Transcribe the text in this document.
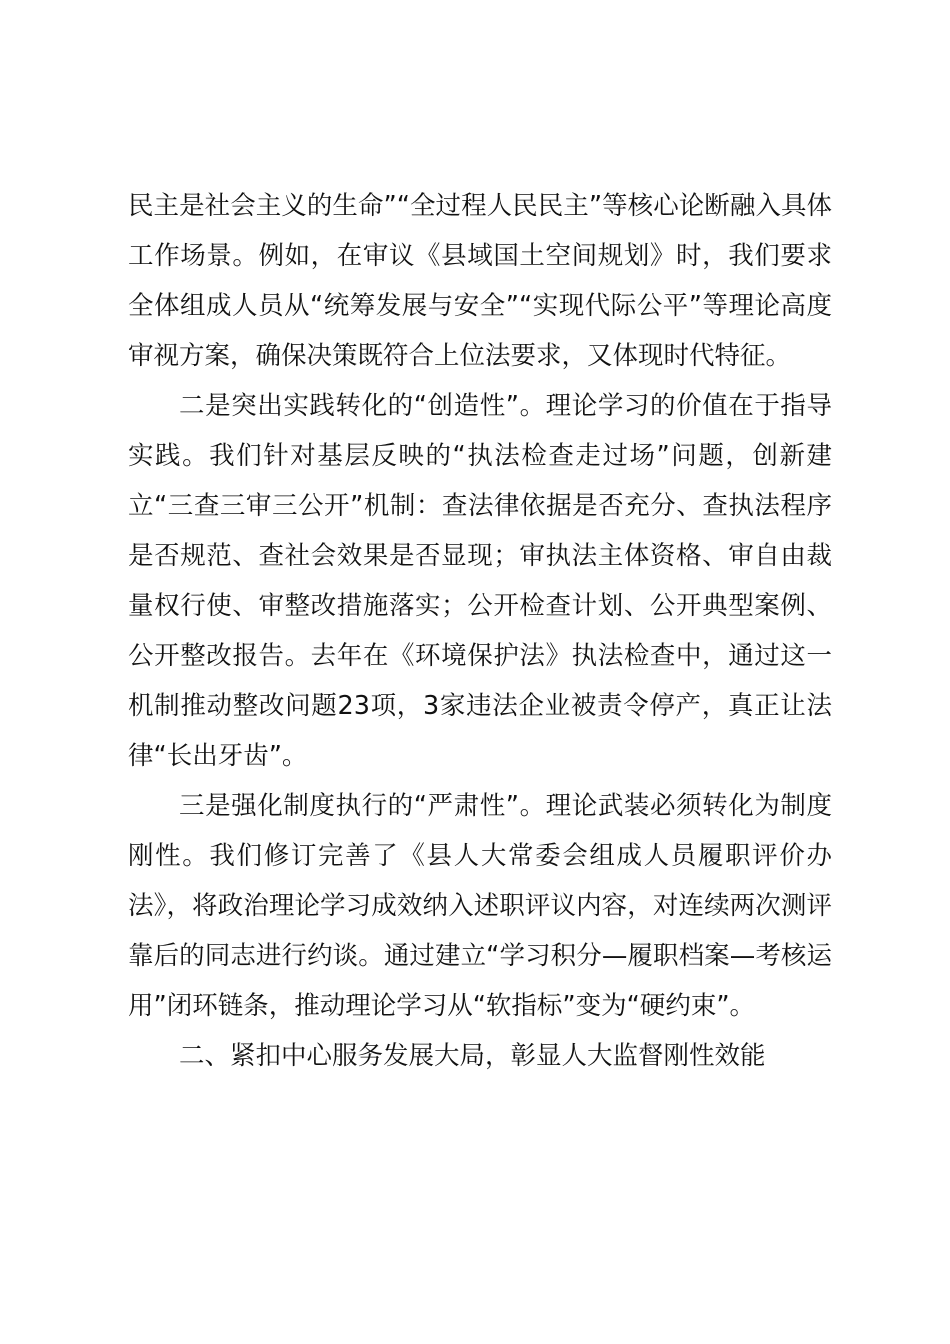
民主是社会主义的生命”“全过程人民民主”等核心论断融入具体工作场景。例如，在审议《县域国土空间规划》时，我们要求全体组成人员从“统筹发展与安全”“实现代际公平”等理论高度审视方案，确保决策既符合上位法要求，又体现时代特征。

二是突出实践转化的“创造性”。理论学习的价值在于指导实践。我们针对基层反映的“执法检查走过场”问题，创新建立“三查三审三公开”机制：查法律依据是否充分、查执法程序是否规范、查社会效果是否显现；审执法主体资格、审自由裁量权行使、审整改措施落实；公开检查计划、公开典型案例、公开整改报告。去年在《环境保护法》执法检查中，通过这一机制推动整改问题23项，3家违法企业被责令停产，真正让法律“长出牙齿”。

三是强化制度执行的“严肃性”。理论武装必须转化为制度刚性。我们修订完善了《县人大常委会组成人员履职评价办法》，将政治理论学习成效纳入述职评议内容，对连续两次测评靠后的同志进行约谈。通过建立“学习积分—履职档案—考核运用”闭环链条，推动理论学习从“软指标”变为“硬约束”。

二、紧扣中心服务发展大局，彰显人大监督刚性效能
